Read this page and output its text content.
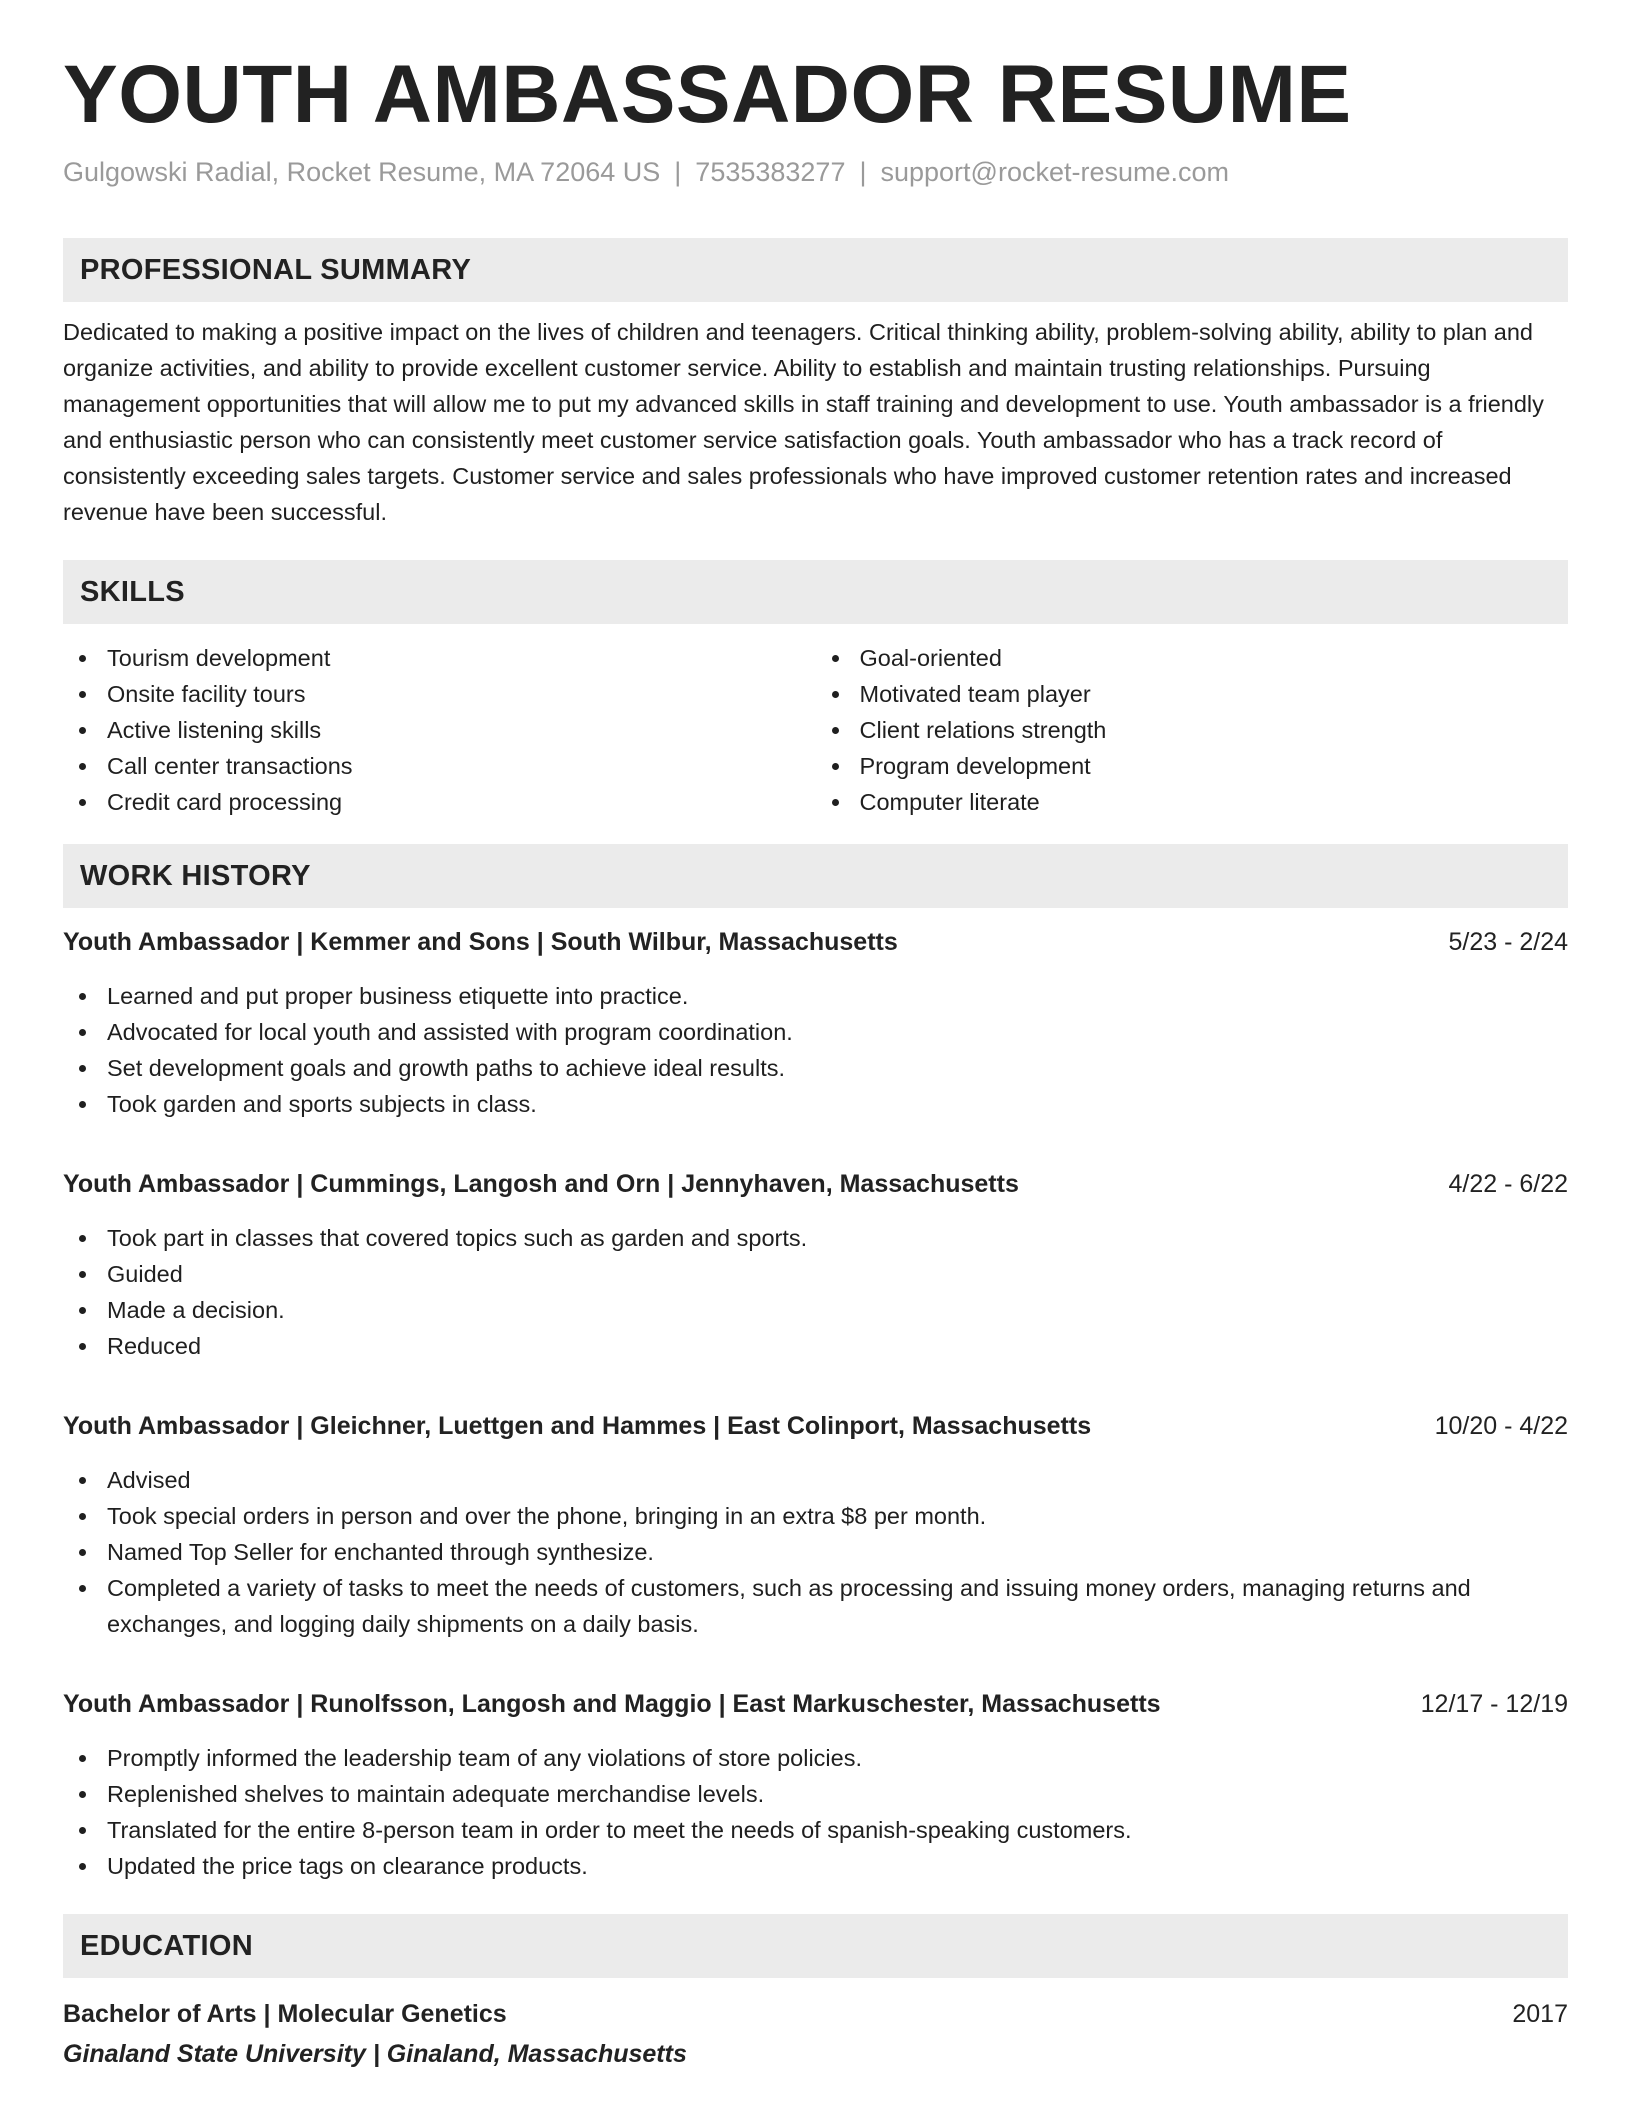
YOUTH AMBASSADOR RESUME
Gulgowski Radial, Rocket Resume, MA 72064 US | 7535383277 | support@rocket-resume.com
PROFESSIONAL SUMMARY

Dedicated to making a positive impact on the lives of children and teenagers. Critical thinking ability, problem-solving ability, ability to plan and organize activities, and ability to provide excellent customer service. Ability to establish and maintain trusting relationships. Pursuing management opportunities that will allow me to put my advanced skills in staff training and development to use. Youth ambassador is a friendly and enthusiastic person who can consistently meet customer service satisfaction goals. Youth ambassador who has a track record of consistently exceeding sales targets. Customer service and sales professionals who have improved customer retention rates and increased revenue have been successful.

SKILLS
Tourism development
Onsite facility tours
Active listening skills
Call center transactions
Credit card processing
Goal-oriented
Motivated team player
Client relations strength
Program development
Computer literate
WORK HISTORY
Youth Ambassador | Kemmer and Sons | South Wilbur, Massachusetts	5/23 - 2/24
Learned and put proper business etiquette into practice.
Advocated for local youth and assisted with program coordination.
Set development goals and growth paths to achieve ideal results.
Took garden and sports subjects in class.
Youth Ambassador | Cummings, Langosh and Orn | Jennyhaven, Massachusetts	4/22 - 6/22
Took part in classes that covered topics such as garden and sports.
Guided
Made a decision.
Reduced
Youth Ambassador | Gleichner, Luettgen and Hammes | East Colinport, Massachusetts	10/20 - 4/22
Advised
Took special orders in person and over the phone, bringing in an extra $8 per month.
Named Top Seller for enchanted through synthesize.
Completed a variety of tasks to meet the needs of customers, such as processing and issuing money orders, managing returns and exchanges, and logging daily shipments on a daily basis.
Youth Ambassador | Runolfsson, Langosh and Maggio | East Markuschester, Massachusetts	12/17 - 12/19
Promptly informed the leadership team of any violations of store policies.
Replenished shelves to maintain adequate merchandise levels.
Translated for the entire 8-person team in order to meet the needs of spanish-speaking customers.
Updated the price tags on clearance products.
EDUCATION
Bachelor of Arts | Molecular Genetics	2017
Ginaland State University | Ginaland, Massachusetts
